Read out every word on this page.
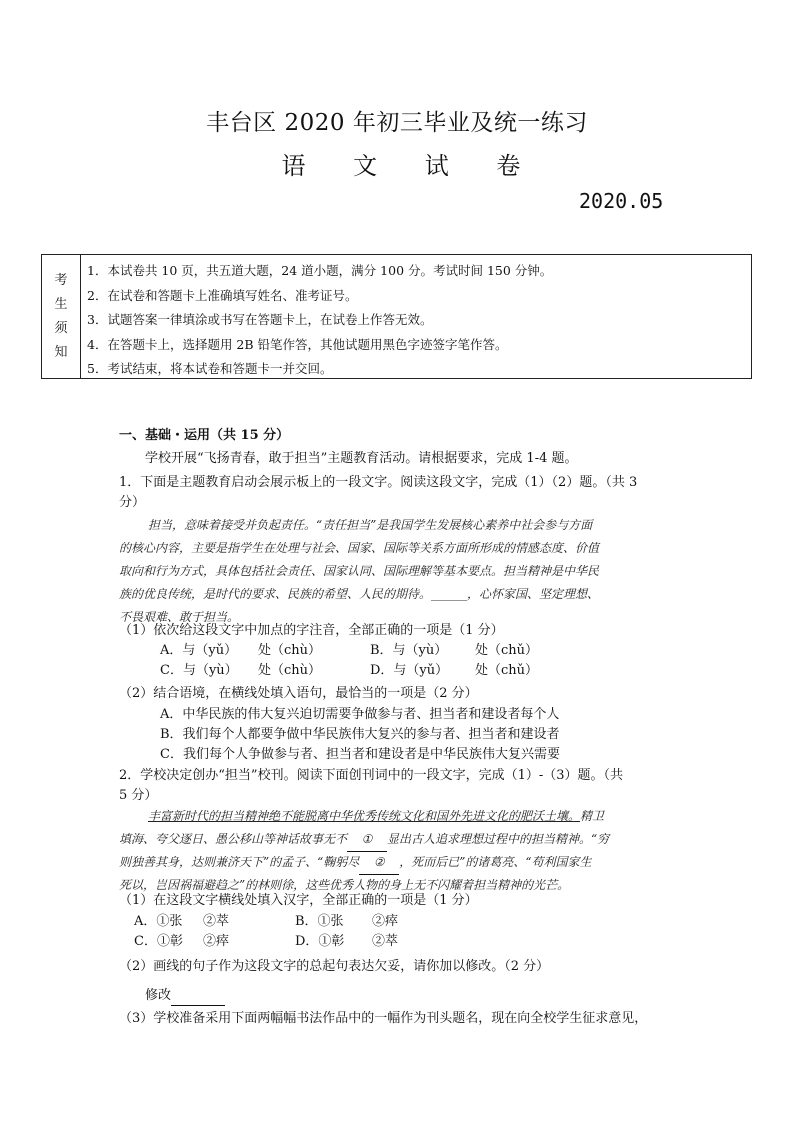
丰台区 2020 年初三毕业及统一练习
语 文 试 卷
2020.05
考
生
须
知
1．本试卷共 10 页，共五道大题，24 道小题，满分 100 分。考试时间 150 分钟。
2．在试卷和答题卡上准确填写姓名、准考证号。
3．试题答案一律填涂或书写在答题卡上，在试卷上作答无效。
4．在答题卡上，选择题用 2B 铅笔作答，其他试题用黑色字迹签字笔作答。
5．考试结束，将本试卷和答题卡一并交回。
一、基础・运用（共 15 分）
学校开展“飞扬青春，敢于担当”主题教育活动。请根据要求，完成 1-4 题。
1．下面是主题教育启动会展示板上的一段文字。阅读这段文字，完成（1）（2）题。（共 3
分）
担当，意味着接受并负起责任。“责任担当”是我国学生发展核心素养中社会参与方面
的核心内容，主要是指学生在处理与社会、国家、国际等关系方面所形成的情感态度、价值
取向和行为方式，具体包括社会责任、国家认同、国际理解等基本要点。担当精神是中华民
族的优良传统，是时代的要求、民族的希望、人民的期待。______，心怀家国、坚定理想、
不畏艰难、敢于担当。
（1）依次给这段文字中加点的字注音，全部正确的一项是（1 分）
A．与（yǔ） 处（chù）	B．与（yù） 处（chǔ）
C．与（yù） 处（chù）	D．与（yǔ） 处（chǔ）
（2）结合语境，在横线处填入语句，最恰当的一项是（2 分）
A．中华民族的伟大复兴迫切需要争做参与者、担当者和建设者每个人
B．我们每个人都要争做中华民族伟大复兴的参与者、担当者和建设者
C．我们每个人争做参与者、担当者和建设者是中华民族伟大复兴需要
2．学校决定创办“担当”校刊。阅读下面创刊词中的一段文字，完成（1）-（3）题。（共
5 分）
丰富新时代的担当精神绝不能脱离中华优秀传统文化和国外先进文化的肥沃土壤。精卫
填海、夸父逐日、愚公移山等神话故事无不 ① 显出古人追求理想过程中的担当精神。“穷
则独善其身，达则兼济天下”的孟子、“鞠躬尽 ② ，死而后已”的诸葛亮、“苟利国家生
死以，岂因祸福避趋之”的林则徐，这些优秀人物的身上无不闪耀着担当精神的光芒。
（1）在这段文字横线处填入汉字，全部正确的一项是（1 分）
A．①张 ②萃	B．①张 ②瘁
C．①彰 ②瘁	D．①彰 ②萃
（2）画线的句子作为这段文字的总起句表达欠妥，请你加以修改。（2 分）
修改
（3）学校准备采用下面两幅幅书法作品中的一幅作为刊头题名，现在向全校学生征求意见，
